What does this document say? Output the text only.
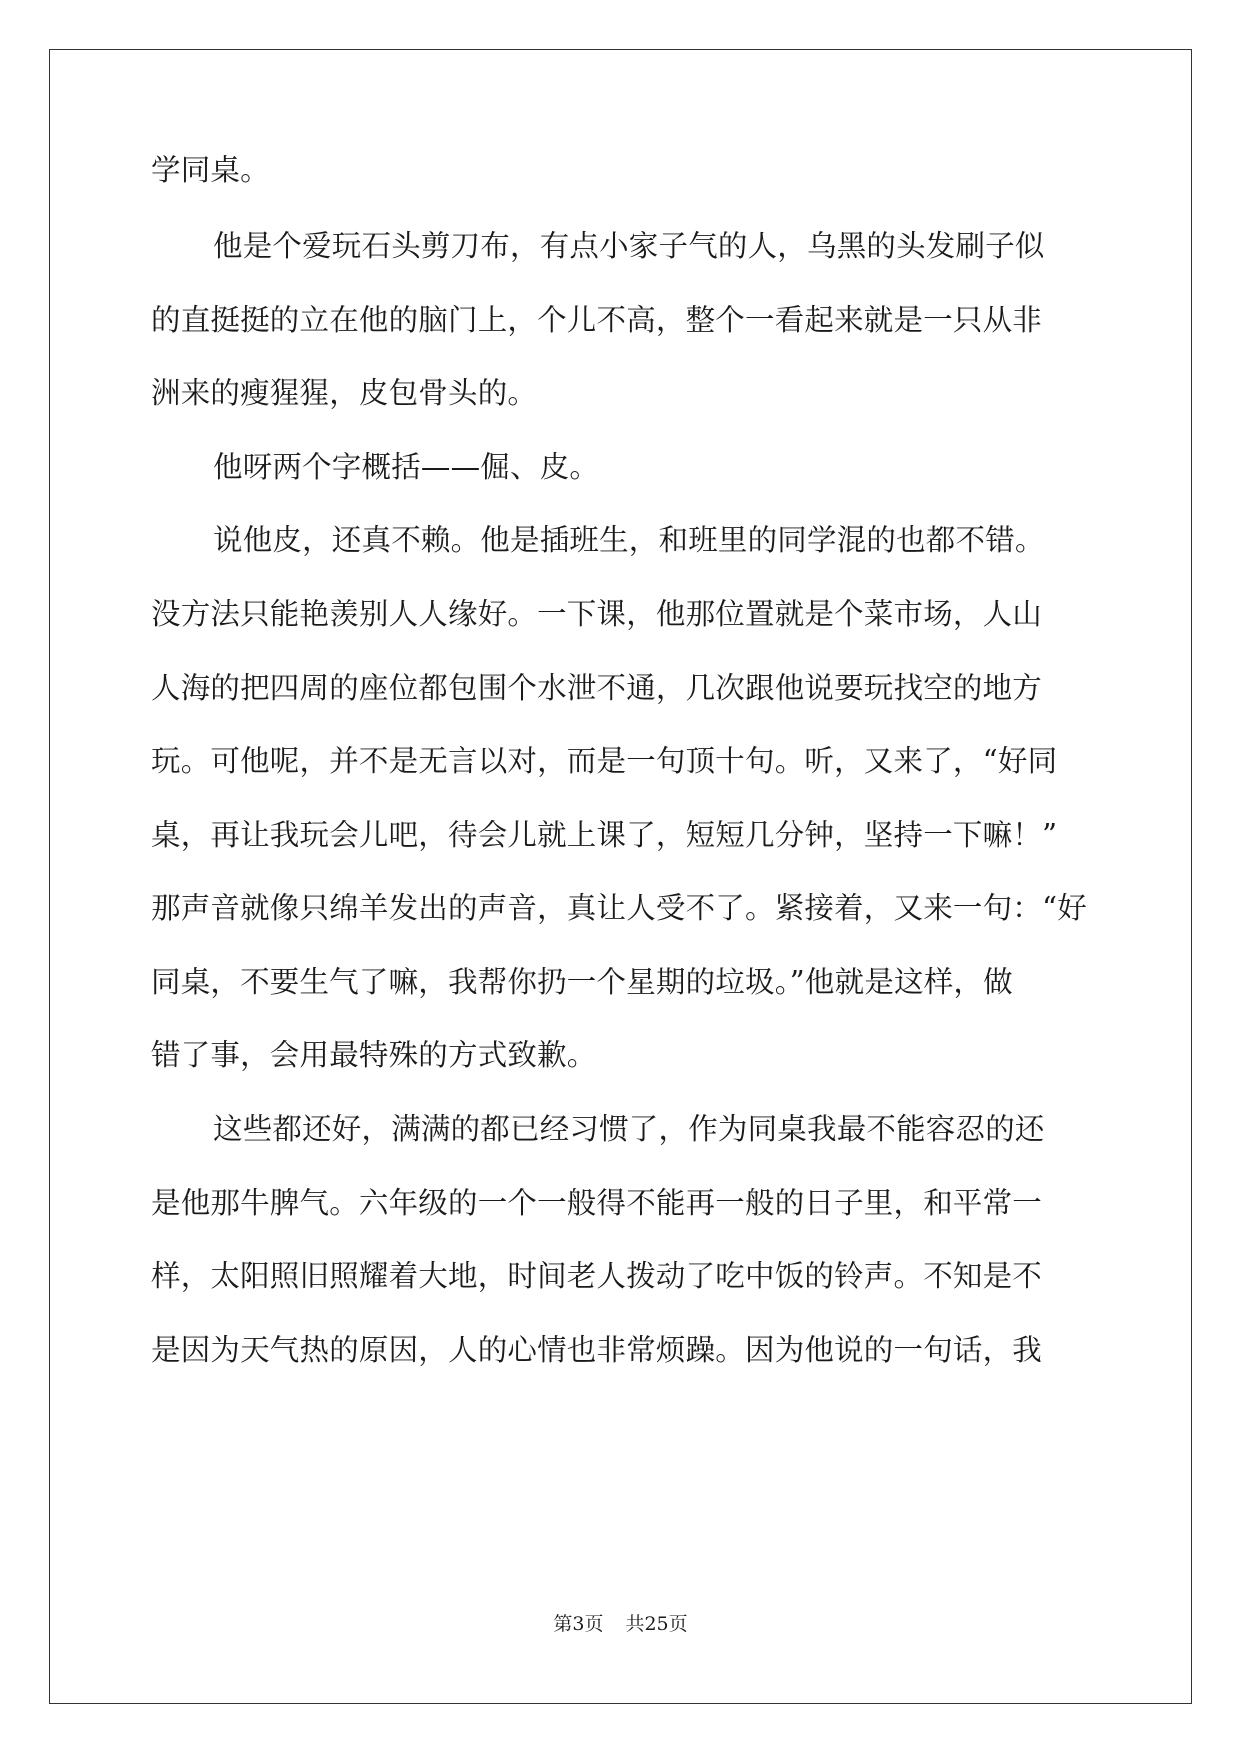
学同桌。
他是个爱玩石头剪刀布，有点小家子气的人，乌黑的头发刷子似
的直挺挺的立在他的脑门上，个儿不高，整个一看起来就是一只从非
洲来的瘦猩猩，皮包骨头的。
他呀两个字概括——倔、皮。
说他皮，还真不赖。他是插班生，和班里的同学混的也都不错。
没方法只能艳羡别人人缘好。一下课，他那位置就是个菜市场，人山
人海的把四周的座位都包围个水泄不通，几次跟他说要玩找空的地方
玩。可他呢，并不是无言以对，而是一句顶十句。听，又来了，“好同
桌，再让我玩会儿吧，待会儿就上课了，短短几分钟，坚持一下嘛！”
那声音就像只绵羊发出的声音，真让人受不了。紧接着，又来一句：“好
同桌，不要生气了嘛，我帮你扔一个星期的垃圾。”他就是这样，做
错了事，会用最特殊的方式致歉。
这些都还好，满满的都已经习惯了，作为同桌我最不能容忍的还
是他那牛脾气。六年级的一个一般得不能再一般的日子里，和平常一
样，太阳照旧照耀着大地，时间老人拨动了吃中饭的铃声。不知是不
是因为天气热的原因，人的心情也非常烦躁。因为他说的一句话，我
第3页 共25页
